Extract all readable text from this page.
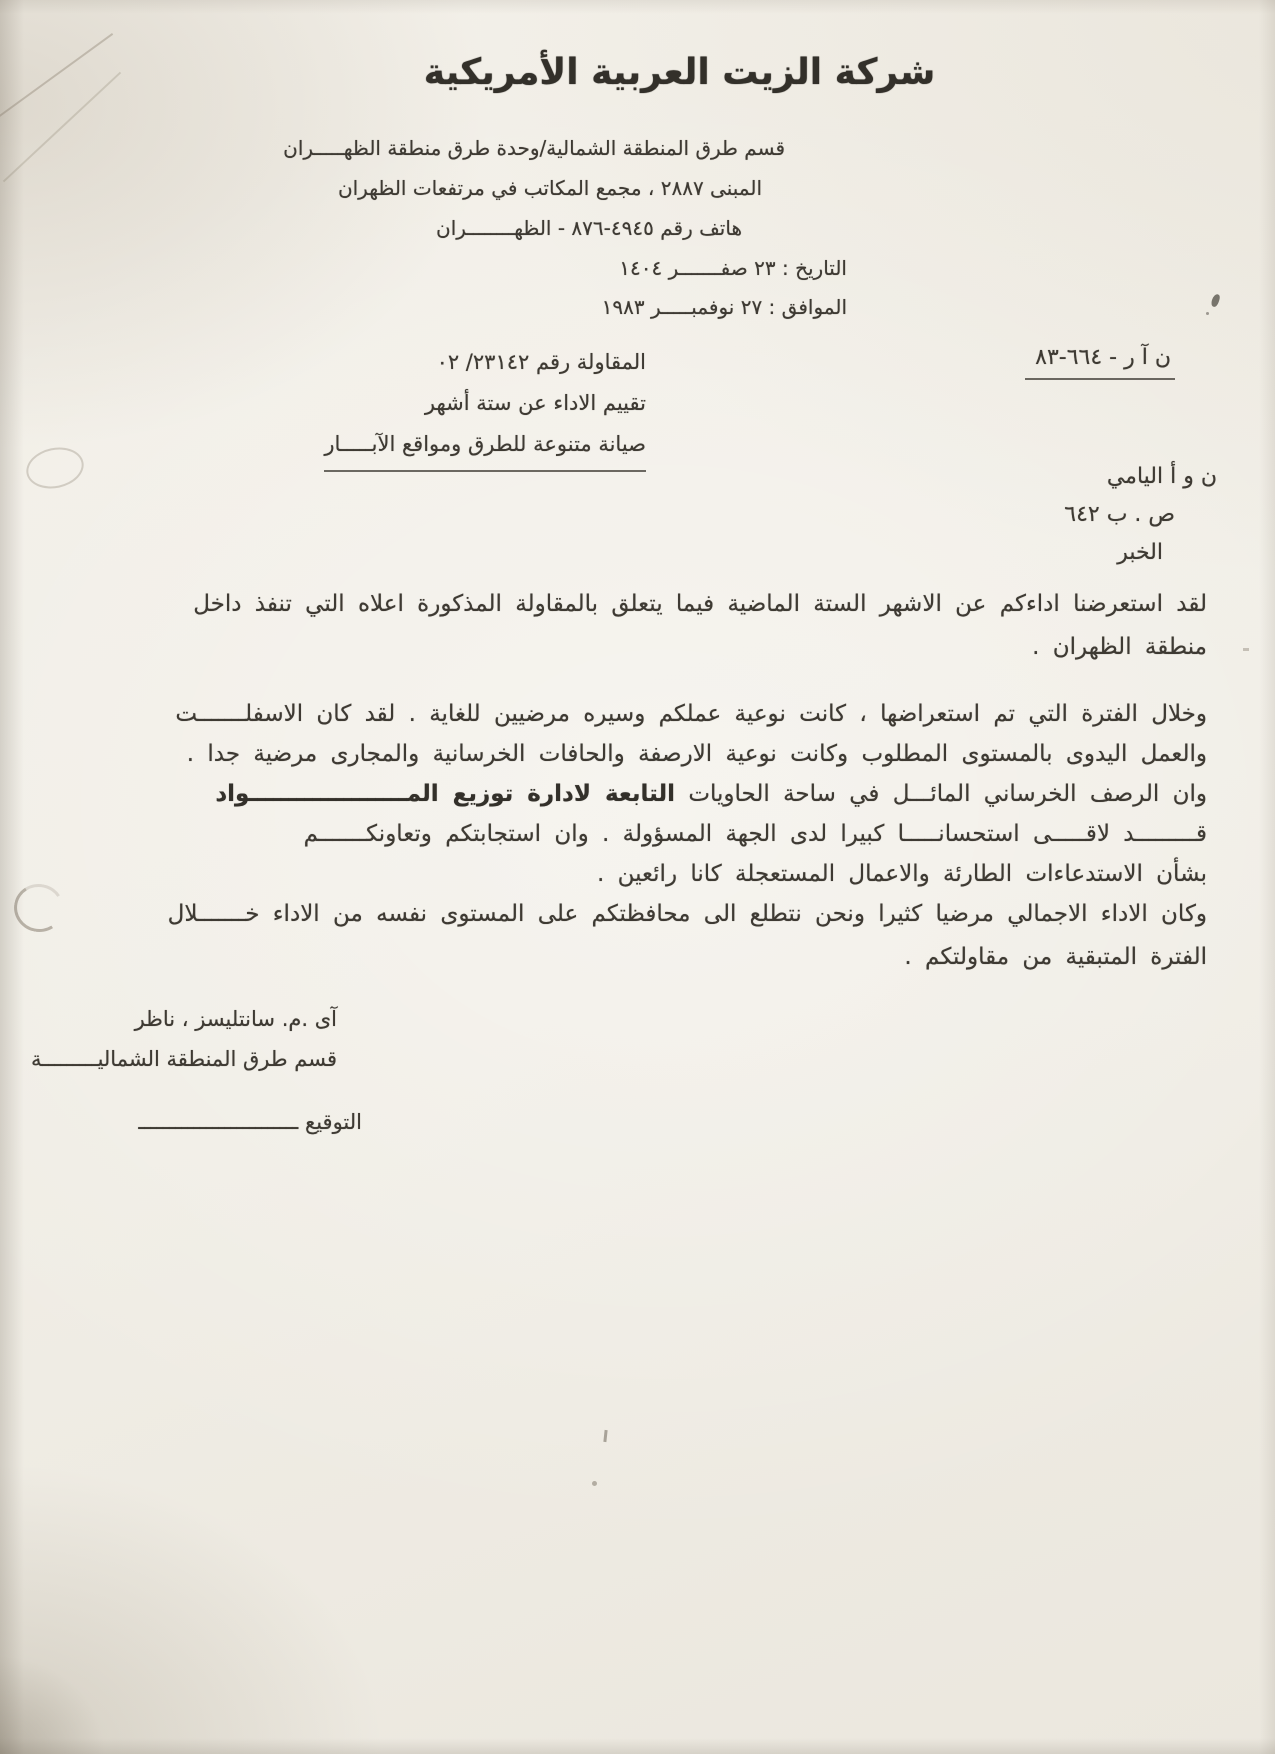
شركة الزيت العربية الأمريكية
قسم طرق المنطقة الشمالية/وحدة طرق منطقة الظهـــــران
المبنى ٢٨٨٧ ، مجمع المكاتب في مرتفعات الظهران
هاتف رقم ٨٧٦‎-‎٤٩٤٥ - الظهــــــــران
التاريخ : ٢٣ صفـــــــر ١٤٠٤
الموافق : ٢٧ نوفمبـــــر ١٩٨٣
ن آ ر - ٨٣‎-‎٦٦٤
المقاولة رقم ٢٣١٤٢/ ٠٢
تقييم الاداء عن ستة أشهر
صيانة متنوعة للطرق ومواقع الآبـــــار
ن و أ اليامي
ص . ب ٦٤٢
الخبر
لقد استعرضنا اداءكم عن الاشهر الستة الماضية فيما يتعلق بالمقاولة المذكورة اعلاه التي تنفذ داخل
منطقة الظهران .
وخلال الفترة التي تم استعراضها ، كانت نوعية عملكم وسيره مرضيين للغاية . لقد كان الاسفلـــــــت
والعمل اليدوى بالمستوى المطلوب وكانت نوعية الارصفة والحافات الخرسانية والمجارى مرضية جدا .
وان الرصف الخرساني المائـــل في ساحة الحاويات التابعة لادارة توزيع المــــــــــــــــــــواد
قـــــــــد لاقـــــى استحسانـــــا كبيرا لدى الجهة المسؤولة . وان استجابتكم وتعاونكـــــــم
بشأن الاستدعاءات الطارئة والاعمال المستعجلة كانا رائعين .
وكان الاداء الاجمالي مرضيا كثيرا ونحن نتطلع الى محافظتكم على المستوى نفسه من الاداء خـــــــلال
الفترة المتبقية من مقاولتكم .
آى .م. سانتليسز ، ناظر
قسم طرق المنطقة الشماليـــــــــة
التوقيع ــــــــــــــــــــــــــ
